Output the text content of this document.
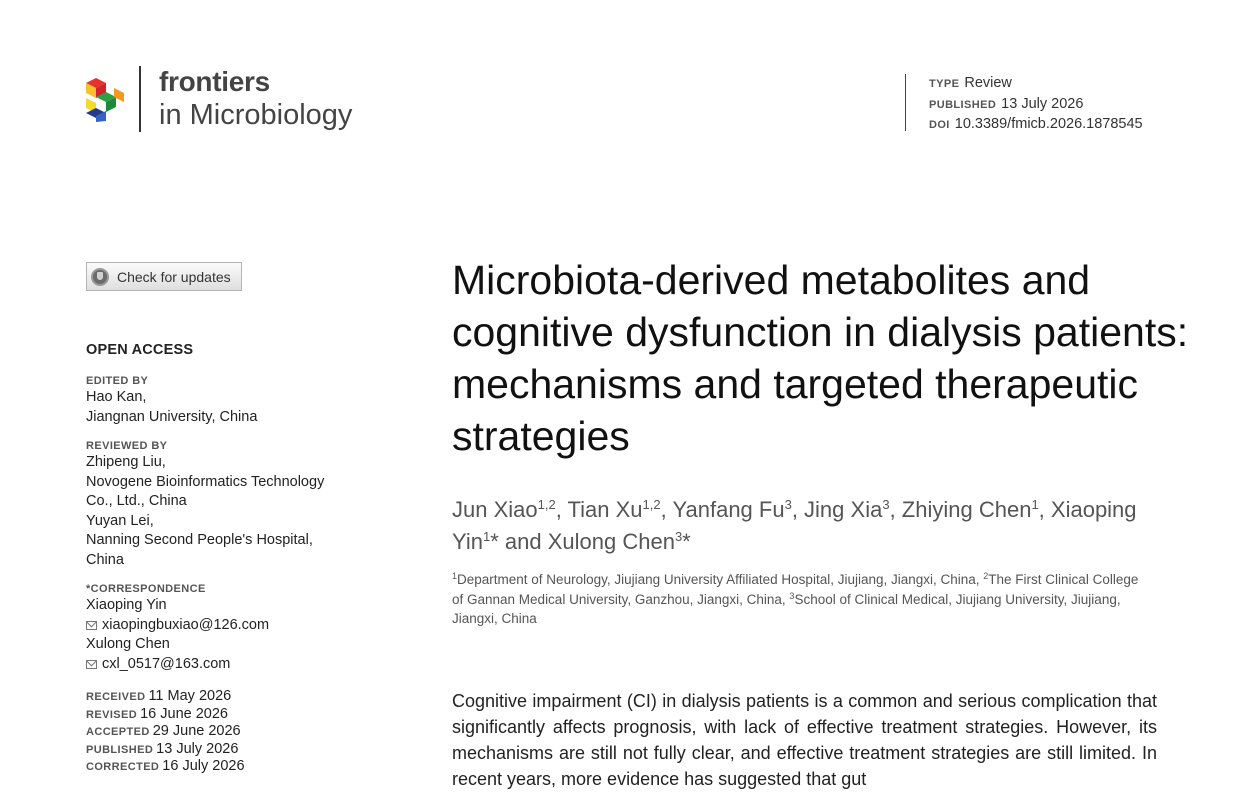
frontiers
in Microbiology
TYPE Review
PUBLISHED 13 July 2026
DOI 10.3389/fmicb.2026.1878545
Check for updates
OPEN ACCESS
EDITED BY
Hao Kan,
Jiangnan University, China
REVIEWED BY
Zhipeng Liu,
Novogene Bioinformatics Technology
Co., Ltd., China
Yuyan Lei,
Nanning Second People's Hospital,
China
*CORRESPONDENCE
Xiaoping Yin
xiaopingbuxiao@126.com
Xulong Chen
cxl_0517@163.com
RECEIVED 11 May 2026
REVISED 16 June 2026
ACCEPTED 29 June 2026
PUBLISHED 13 July 2026
CORRECTED 16 July 2026
Microbiota-derived metabolites and cognitive dysfunction in dialysis patients: mechanisms and targeted therapeutic strategies
Jun Xiao$^{1,2}$, Tian Xu$^{1,2}$, Yanfang Fu$^3$, Jing Xia$^3$, Zhiying Chen$^1$, Xiaoping Yin$^1$* and Xulong Chen$^3$*
$^1$Department of Neurology, Jiujiang University Affiliated Hospital, Jiujiang, Jiangxi, China, $^2$The First Clinical College of Gannan Medical University, Ganzhou, Jiangxi, China, $^3$School of Clinical Medical, Jiujiang University, Jiujiang, Jiangxi, China
Cognitive impairment (CI) in dialysis patients is a common and serious complication that significantly affects prognosis, with lack of effective treatment strategies. However, its mechanisms are still not fully clear, and effective treatment strategies are still limited. In recent years, more evidence has suggested that gut
